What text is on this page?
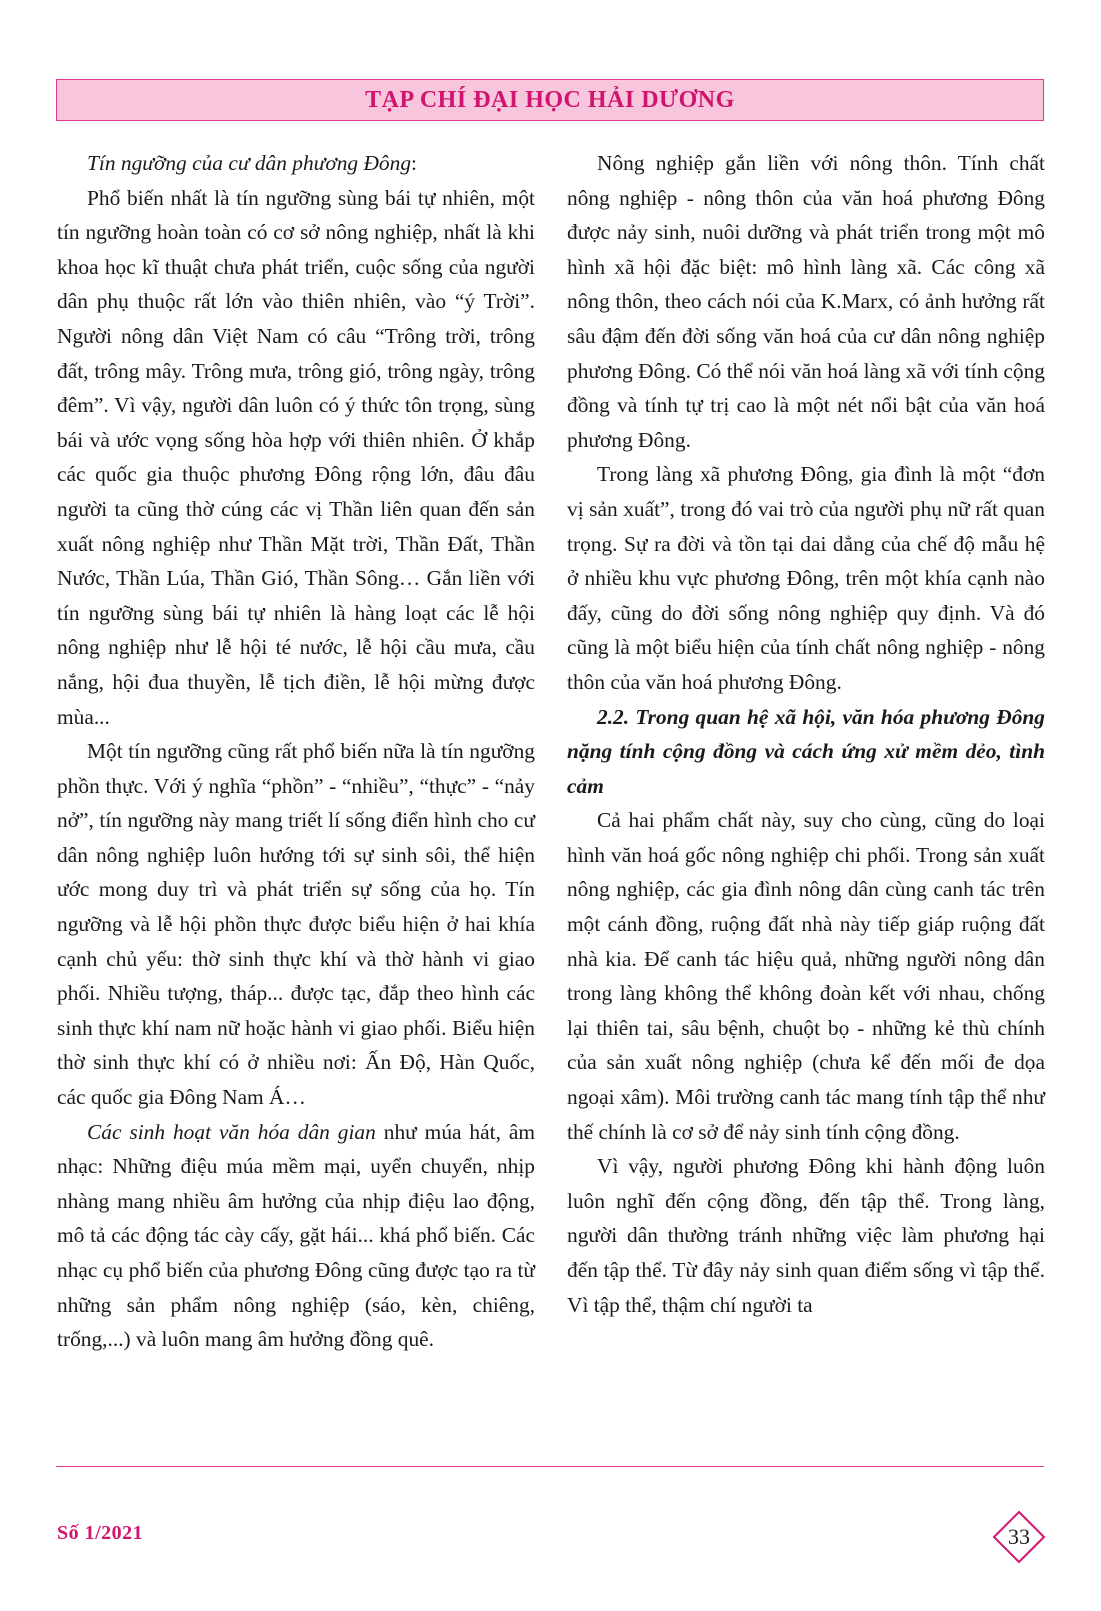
TẠP CHÍ ĐẠI HỌC HẢI DƯƠNG

Tín ngưỡng của cư dân phương Đông:

Phổ biến nhất là tín ngưỡng sùng bái tự nhiên, một tín ngưỡng hoàn toàn có cơ sở nông nghiệp, nhất là khi khoa học kĩ thuật chưa phát triển, cuộc sống của người dân phụ thuộc rất lớn vào thiên nhiên, vào “ý Trời”. Người nông dân Việt Nam có câu “Trông trời, trông đất, trông mây. Trông mưa, trông gió, trông ngày, trông đêm”. Vì vậy, người dân luôn có ý thức tôn trọng, sùng bái và ước vọng sống hòa hợp với thiên nhiên. Ở khắp các quốc gia thuộc phương Đông rộng lớn, đâu đâu người ta cũng thờ cúng các vị Thần liên quan đến sản xuất nông nghiệp như Thần Mặt trời, Thần Đất, Thần Nước, Thần Lúa, Thần Gió, Thần Sông… Gắn liền với tín ngưỡng sùng bái tự nhiên là hàng loạt các lễ hội nông nghiệp như lễ hội té nước, lễ hội cầu mưa, cầu nắng, hội đua thuyền, lễ tịch điền, lễ hội mừng được mùa...

Một tín ngưỡng cũng rất phổ biến nữa là tín ngưỡng phồn thực. Với ý nghĩa “phồn” - “nhiều”, “thực” - “nảy nở”, tín ngưỡng này mang triết lí sống điển hình cho cư dân nông nghiệp luôn hướng tới sự sinh sôi, thể hiện ước mong duy trì và phát triển sự sống của họ. Tín ngưỡng và lễ hội phồn thực được biểu hiện ở hai khía cạnh chủ yếu: thờ sinh thực khí và thờ hành vi giao phối. Nhiều tượng, tháp... được tạc, đắp theo hình các sinh thực khí nam nữ hoặc hành vi giao phối. Biểu hiện thờ sinh thực khí có ở nhiều nơi: Ấn Độ, Hàn Quốc, các quốc gia Đông Nam Á…

Các sinh hoạt văn hóa dân gian như múa hát, âm nhạc: Những điệu múa mềm mại, uyển chuyển, nhịp nhàng mang nhiều âm hưởng của nhịp điệu lao động, mô tả các động tác cày cấy, gặt hái... khá phổ biến. Các nhạc cụ phổ biến của phương Đông cũng được tạo ra từ những sản phẩm nông nghiệp (sáo, kèn, chiêng, trống,...) và luôn mang âm hưởng đồng quê.

Nông nghiệp gắn liền với nông thôn. Tính chất nông nghiệp - nông thôn của văn hoá phương Đông được nảy sinh, nuôi dưỡng và phát triển trong một mô hình xã hội đặc biệt: mô hình làng xã. Các công xã nông thôn, theo cách nói của K.Marx, có ảnh hưởng rất sâu đậm đến đời sống văn hoá của cư dân nông nghiệp phương Đông. Có thể nói văn hoá làng xã với tính cộng đồng và tính tự trị cao là một nét nổi bật của văn hoá phương Đông.

Trong làng xã phương Đông, gia đình là một “đơn vị sản xuất”, trong đó vai trò của người phụ nữ rất quan trọng. Sự ra đời và tồn tại dai dẳng của chế độ mẫu hệ ở nhiều khu vực phương Đông, trên một khía cạnh nào đấy, cũng do đời sống nông nghiệp quy định. Và đó cũng là một biểu hiện của tính chất nông nghiệp - nông thôn của văn hoá phương Đông.

2.2. Trong quan hệ xã hội, văn hóa phương Đông nặng tính cộng đồng và cách ứng xử mềm dẻo, tình cảm

Cả hai phẩm chất này, suy cho cùng, cũng do loại hình văn hoá gốc nông nghiệp chi phối. Trong sản xuất nông nghiệp, các gia đình nông dân cùng canh tác trên một cánh đồng, ruộng đất nhà này tiếp giáp ruộng đất nhà kia. Để canh tác hiệu quả, những người nông dân trong làng không thể không đoàn kết với nhau, chống lại thiên tai, sâu bệnh, chuột bọ - những kẻ thù chính của sản xuất nông nghiệp (chưa kể đến mối đe dọa ngoại xâm). Môi trường canh tác mang tính tập thể như thế chính là cơ sở để nảy sinh tính cộng đồng.

Vì vậy, người phương Đông khi hành động luôn luôn nghĩ đến cộng đồng, đến tập thể. Trong làng, người dân thường tránh những việc làm phương hại đến tập thể. Từ đây nảy sinh quan điểm sống vì tập thể. Vì tập thể, thậm chí người ta

Số 1/2021	33
